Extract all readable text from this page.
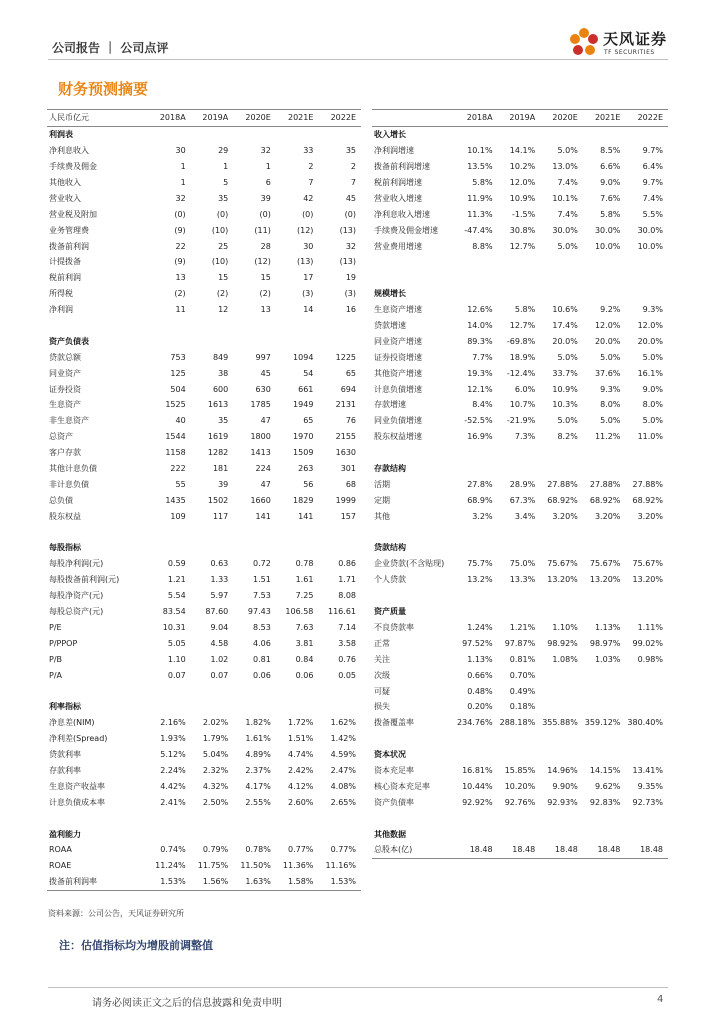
公司报告 ｜ 公司点评	天风证券
TF SECURITIES
财务预测摘要
人民币亿元	2018A	2019A	2020E	2021E	2022E
利润表					
净利息收入	30	29	32	33	35
手续费及佣金	1	1	1	2	2
其他收入	1	5	6	7	7
营业收入	32	35	39	42	45
营业税及附加	(0)	(0)	(0)	(0)	(0)
业务管理费	(9)	(10)	(11)	(12)	(13)
拨备前利润	22	25	28	30	32
计提拨备	(9)	(10)	(12)	(13)	(13)
税前利润	13	15	15	17	19
所得税	(2)	(2)	(2)	(3)	(3)
净利润	11	12	13	14	16

资产负债表					
贷款总额	753	849	997	1094	1225
同业资产	125	38	45	54	65
证券投资	504	600	630	661	694
生息资产	1525	1613	1785	1949	2131
非生息资产	40	35	47	65	76
总资产	1544	1619	1800	1970	2155
客户存款	1158	1282	1413	1509	1630
其他计息负债	222	181	224	263	301
非计息负债	55	39	47	56	68
总负债	1435	1502	1660	1829	1999
股东权益	109	117	141	141	157

每股指标					
每股净利润(元)	0.59	0.63	0.72	0.78	0.86
每股拨备前利润(元)	1.21	1.33	1.51	1.61	1.71
每股净资产(元)	5.54	5.97	7.53	7.25	8.08
每股总资产(元)	83.54	87.60	97.43	106.58	116.61
P/E	10.31	9.04	8.53	7.63	7.14
P/PPOP	5.05	4.58	4.06	3.81	3.58
P/B	1.10	1.02	0.81	0.84	0.76
P/A	0.07	0.07	0.06	0.06	0.05

利率指标					
净息差(NIM)	2.16%	2.02%	1.82%	1.72%	1.62%
净利差(Spread)	1.93%	1.79%	1.61%	1.51%	1.42%
贷款利率	5.12%	5.04%	4.89%	4.74%	4.59%
存款利率	2.24%	2.32%	2.37%	2.42%	2.47%
生息资产收益率	4.42%	4.32%	4.17%	4.12%	4.08%
计息负债成本率	2.41%	2.50%	2.55%	2.60%	2.65%

盈利能力					
ROAA	0.74%	0.79%	0.78%	0.77%	0.77%
ROAE	11.24%	11.75%	11.50%	11.36%	11.16%
拨备前利润率	1.53%	1.56%	1.63%	1.58%	1.53%
	2018A	2019A	2020E	2021E	2022E
收入增长					
净利润增速	10.1%	14.1%	5.0%	8.5%	9.7%
拨备前利润增速	13.5%	10.2%	13.0%	6.6%	6.4%
税前利润增速	5.8%	12.0%	7.4%	9.0%	9.7%
营业收入增速	11.9%	10.9%	10.1%	7.6%	7.4%
净利息收入增速	11.3%	-1.5%	7.4%	5.8%	5.5%
手续费及佣金增速	-47.4%	30.8%	30.0%	30.0%	30.0%
营业费用增速	8.8%	12.7%	5.0%	10.0%	10.0%

规模增长					
生息资产增速	12.6%	5.8%	10.6%	9.2%	9.3%
贷款增速	14.0%	12.7%	17.4%	12.0%	12.0%
同业资产增速	89.3%	-69.8%	20.0%	20.0%	20.0%
证券投资增速	7.7%	18.9%	5.0%	5.0%	5.0%
其他资产增速	19.3%	-12.4%	33.7%	37.6%	16.1%
计息负债增速	12.1%	6.0%	10.9%	9.3%	9.0%
存款增速	8.4%	10.7%	10.3%	8.0%	8.0%
同业负债增速	-52.5%	-21.9%	5.0%	5.0%	5.0%
股东权益增速	16.9%	7.3%	8.2%	11.2%	11.0%

存款结构					
活期	27.8%	28.9%	27.88%	27.88%	27.88%
定期	68.9%	67.3%	68.92%	68.92%	68.92%
其他	3.2%	3.4%	3.20%	3.20%	3.20%

贷款结构					
企业贷款(不含贴现)	75.7%	75.0%	75.67%	75.67%	75.67%
个人贷款	13.2%	13.3%	13.20%	13.20%	13.20%

资产质量					
不良贷款率	1.24%	1.21%	1.10%	1.13%	1.11%
正常	97.52%	97.87%	98.92%	98.97%	99.02%
关注	1.13%	0.81%	1.08%	1.03%	0.98%
次级	0.66%	0.70%			
可疑	0.48%	0.49%			
损失	0.20%	0.18%			
拨备覆盖率	234.76%	288.18%	355.88%	359.12%	380.40%

资本状况					
资本充足率	16.81%	15.85%	14.96%	14.15%	13.41%
核心资本充足率	10.44%	10.20%	9.90%	9.62%	9.35%
资产负债率	92.92%	92.76%	92.93%	92.83%	92.73%

其他数据					
总股本(亿)	18.48	18.48	18.48	18.48	18.48
资料来源：公司公告，天风证券研究所
注：估值指标均为增股前调整值
请务必阅读正文之后的信息披露和免责申明	4
